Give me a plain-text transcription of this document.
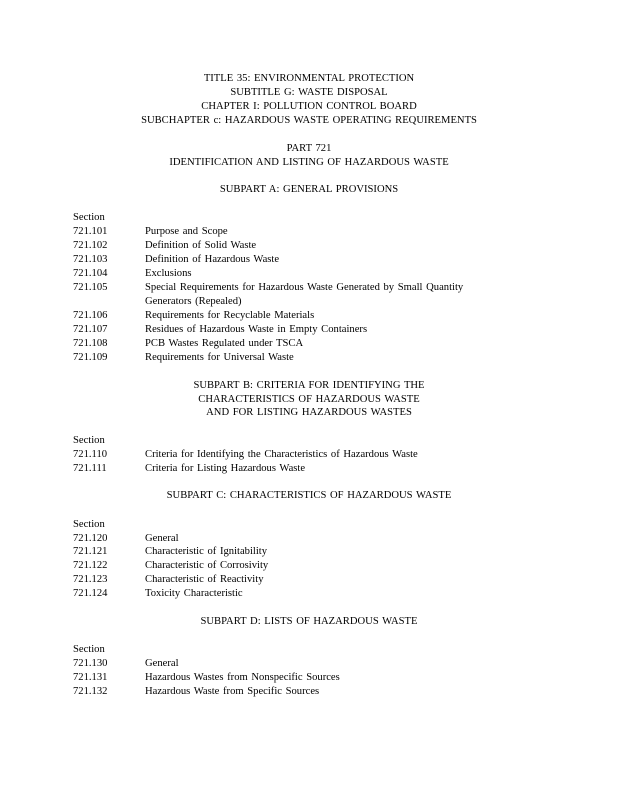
TITLE 35: ENVIRONMENTAL PROTECTION
SUBTITLE G: WASTE DISPOSAL
CHAPTER I: POLLUTION CONTROL BOARD
SUBCHAPTER c: HAZARDOUS WASTE OPERATING REQUIREMENTS
PART 721
IDENTIFICATION AND LISTING OF HAZARDOUS WASTE
SUBPART A: GENERAL PROVISIONS
Section
721.101	Purpose and Scope
721.102	Definition of Solid Waste
721.103	Definition of Hazardous Waste
721.104	Exclusions
721.105	Special Requirements for Hazardous Waste Generated by Small Quantity
Generators (Repealed)
721.106	Requirements for Recyclable Materials
721.107	Residues of Hazardous Waste in Empty Containers
721.108	PCB Wastes Regulated under TSCA
721.109	Requirements for Universal Waste
SUBPART B: CRITERIA FOR IDENTIFYING THE
CHARACTERISTICS OF HAZARDOUS WASTE
AND FOR LISTING HAZARDOUS WASTES
Section
721.110	Criteria for Identifying the Characteristics of Hazardous Waste
721.111	Criteria for Listing Hazardous Waste
SUBPART C: CHARACTERISTICS OF HAZARDOUS WASTE
Section
721.120	General
721.121	Characteristic of Ignitability
721.122	Characteristic of Corrosivity
721.123	Characteristic of Reactivity
721.124	Toxicity Characteristic
SUBPART D: LISTS OF HAZARDOUS WASTE
Section
721.130	General
721.131	Hazardous Wastes from Nonspecific Sources
721.132	Hazardous Waste from Specific Sources
